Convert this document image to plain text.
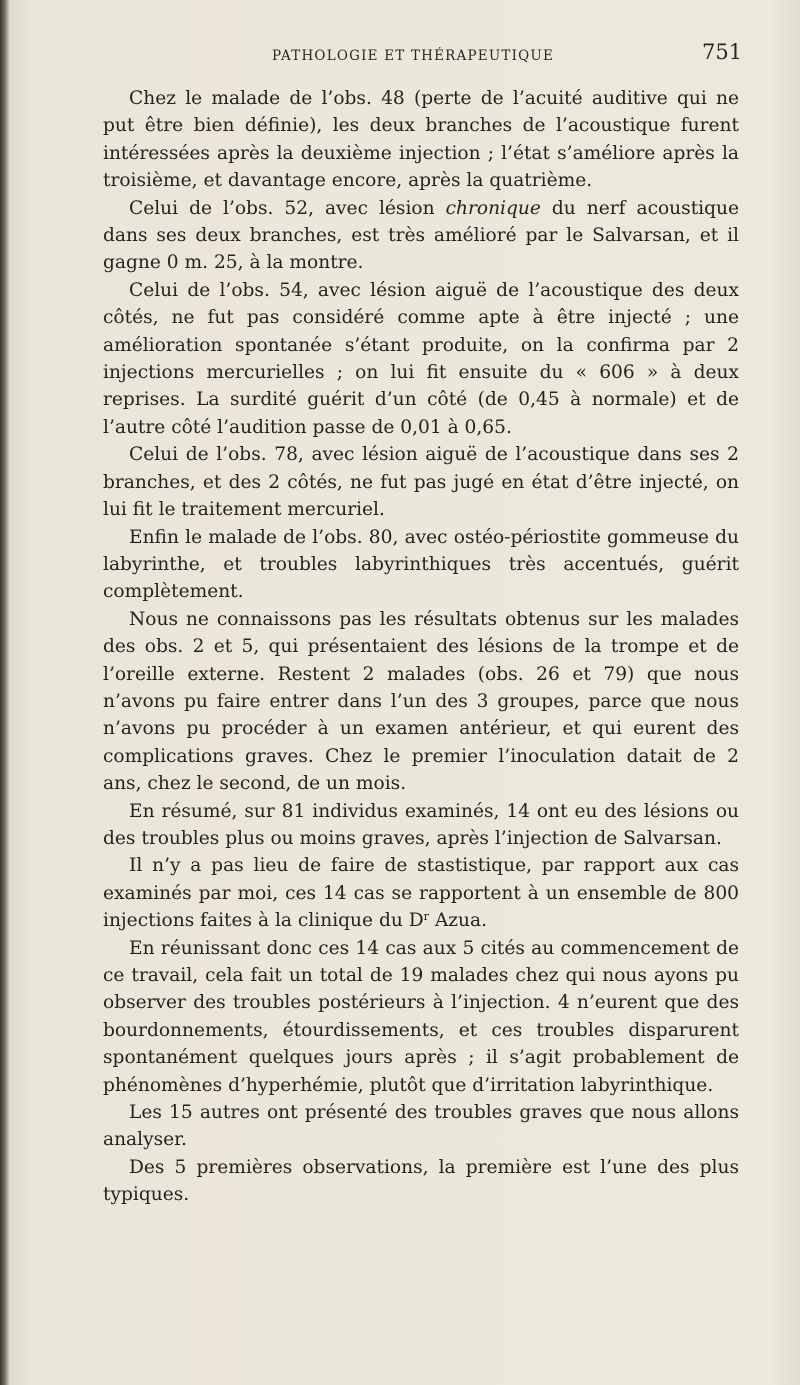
PATHOLOGIE ET THÉRAPEUTIQUE	751

Chez le malade de l’obs. 48 (perte de l’acuité auditive qui ne put être bien définie), les deux branches de l’acoustique furent intéressées après la deuxième injection ; l’état s’améliore après la troisième, et davantage encore, après la quatrième.

Celui de l’obs. 52, avec lésion chronique du nerf acoustique dans ses deux branches, est très amélioré par le Salvarsan, et il gagne 0 m. 25, à la montre.

Celui de l’obs. 54, avec lésion aiguë de l’acoustique des deux côtés, ne fut pas considéré comme apte à être injecté ; une amélioration spontanée s’étant produite, on la confirma par 2 injections mercurielles ; on lui fit ensuite du « 606 » à deux reprises. La surdité guérit d’un côté (de 0,45 à normale) et de l’autre côté l’audition passe de 0,01 à 0,65.

Celui de l’obs. 78, avec lésion aiguë de l’acoustique dans ses 2 branches, et des 2 côtés, ne fut pas jugé en état d’être injecté, on lui fit le traitement mercuriel.

Enfin le malade de l’obs. 80, avec ostéo-périostite gommeuse du labyrinthe, et troubles labyrinthiques très accentués, guérit complètement.

Nous ne connaissons pas les résultats obtenus sur les malades des obs. 2 et 5, qui présentaient des lésions de la trompe et de l’oreille externe. Restent 2 malades (obs. 26 et 79) que nous n’avons pu faire entrer dans l’un des 3 groupes, parce que nous n’avons pu procéder à un examen antérieur, et qui eurent des complications graves. Chez le premier l’inoculation datait de 2 ans, chez le second, de un mois.

En résumé, sur 81 individus examinés, 14 ont eu des lésions ou des troubles plus ou moins graves, après l’injection de Salvarsan.

Il n’y a pas lieu de faire de stastistique, par rapport aux cas examinés par moi, ces 14 cas se rapportent à un ensemble de 800 injections faites à la clinique du $D^r$ Azua.

En réunissant donc ces 14 cas aux 5 cités au commencement de ce travail, cela fait un total de 19 malades chez qui nous ayons pu observer des troubles postérieurs à l’injection. 4 n’eurent que des bourdonnements, étourdissements, et ces troubles disparurent spontanément quelques jours après ; il s’agit probablement de phénomènes d’hyperhémie, plutôt que d’irritation labyrinthique.

Les 15 autres ont présenté des troubles graves que nous allons analyser.

Des 5 premières observations, la première est l’une des plus typiques.
